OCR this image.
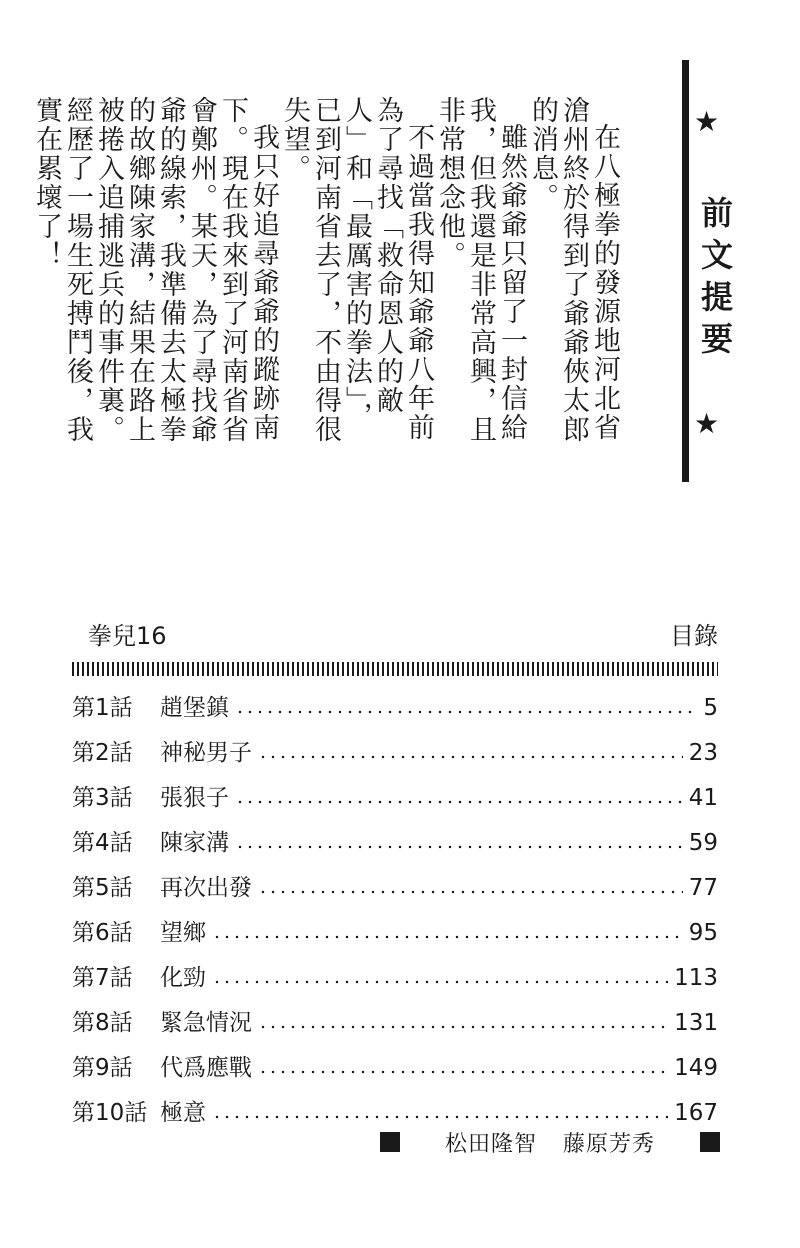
★
前文提要
★

在八極拳的發源地河北省滄州終於得到了爺爺俠太郎的消息。

雖然爺爺只留了一封信給我，但我還是非常高興，且非常想念他。

不過當我得知爺爺八年前為了尋找「救命恩人的敵人」和「最厲害的拳法」，已到河南省去了，不由得很失望。

我只好追尋爺爺的蹤跡南下。現在我來到了河南省省會鄭州。某天，為了尋找爺爺的線索，我準備去太極拳的故鄉陳家溝，結果在路上被捲入追捕逃兵的事件裏。經歷了一場生死搏鬥後，我實在累壞了！

拳兒16	目錄
第1話	趙堡鎮	5
第2話	神秘男子	23
第3話	張狠子	41
第4話	陳家溝	59
第5話	再次出發	77
第6話	望鄉	95
第7話	化勁	113
第8話	緊急情況	131
第9話	代爲應戰	149
第10話 極意	167
松田隆智 藤原芳秀
